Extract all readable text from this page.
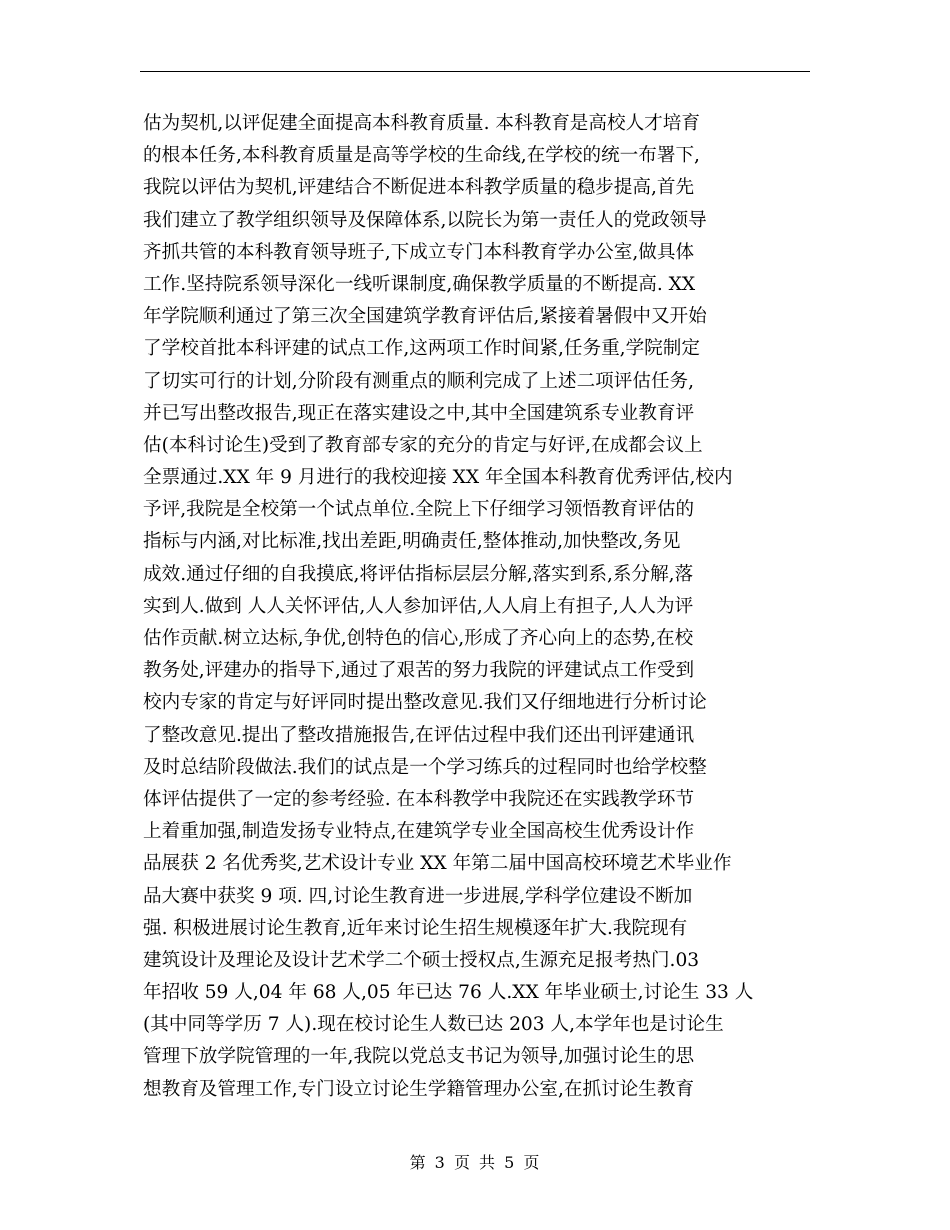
估为契机,以评促建全面提高本科教育质量. 本科教育是高校人才培育
的根本任务,本科教育质量是高等学校的生命线,在学校的统一布署下,
我院以评估为契机,评建结合不断促进本科教学质量的稳步提高,首先
我们建立了教学组织领导及保障体系,以院长为第一责任人的党政领导
齐抓共管的本科教育领导班子,下成立专门本科教育学办公室,做具体
工作.坚持院系领导深化一线听课制度,确保教学质量的不断提高. XX
年学院顺利通过了第三次全国建筑学教育评估后,紧接着暑假中又开始
了学校首批本科评建的试点工作,这两项工作时间紧,任务重,学院制定
了切实可行的计划,分阶段有测重点的顺利完成了上述二项评估任务,
并已写出整改报告,现正在落实建设之中,其中全国建筑系专业教育评
估(本科讨论生)受到了教育部专家的充分的肯定与好评,在成都会议上
全票通过.XX 年 9 月进行的我校迎接 XX 年全国本科教育优秀评估,校内
予评,我院是全校第一个试点单位.全院上下仔细学习领悟教育评估的
指标与内涵,对比标准,找出差距,明确责任,整体推动,加快整改,务见
成效.通过仔细的自我摸底,将评估指标层层分解,落实到系,系分解,落
实到人.做到 人人关怀评估,人人参加评估,人人肩上有担子,人人为评
估作贡献.树立达标,争优,创特色的信心,形成了齐心向上的态势,在校
教务处,评建办的指导下,通过了艰苦的努力我院的评建试点工作受到
校内专家的肯定与好评同时提出整改意见.我们又仔细地进行分析讨论
了整改意见.提出了整改措施报告,在评估过程中我们还出刊评建通讯
及时总结阶段做法.我们的试点是一个学习练兵的过程同时也给学校整
体评估提供了一定的参考经验. 在本科教学中我院还在实践教学环节
上着重加强,制造发扬专业特点,在建筑学专业全国高校生优秀设计作
品展获 2 名优秀奖,艺术设计专业 XX 年第二届中国高校环境艺术毕业作
品大赛中获奖 9 项. 四,讨论生教育进一步进展,学科学位建设不断加
强. 积极进展讨论生教育,近年来讨论生招生规模逐年扩大.我院现有
建筑设计及理论及设计艺术学二个硕士授权点,生源充足报考热门.03
年招收 59 人,04 年 68 人,05 年已达 76 人.XX 年毕业硕士,讨论生 33 人
(其中同等学历 7 人).现在校讨论生人数已达 203 人,本学年也是讨论生
管理下放学院管理的一年,我院以党总支书记为领导,加强讨论生的思
想教育及管理工作,专门设立讨论生学籍管理办公室,在抓讨论生教育
第 3 页 共 5 页
